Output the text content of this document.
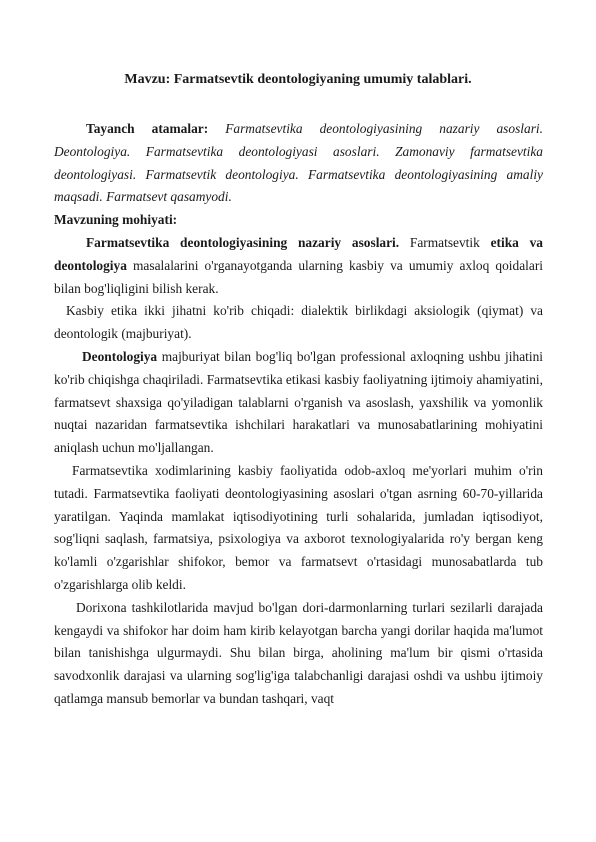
Mavzu: Farmatsevtik deontologiyaning umumiy talablari.

Tayanch atamalar: Farmatsevtika deontologiyasining nazariy asoslari. Deontologiya. Farmatsevtika deontologiyasi asoslari. Zamonaviy farmatsevtika deontologiyasi. Farmatsevtik deontologiya. Farmatsevtika deontologiyasining amaliy maqsadi. Farmatsevt qasamyodi.

Mavzuning mohiyati:

Farmatsevtika deontologiyasining nazariy asoslari. Farmatsevtik etika va deontologiya masalalarini o'rganayotganda ularning kasbiy va umumiy axloq qoidalari bilan bog'liqligini bilish kerak.

Kasbiy etika ikki jihatni ko'rib chiqadi: dialektik birlikdagi aksiologik (qiymat) va deontologik (majburiyat).

Deontologiya majburiyat bilan bog'liq bo'lgan professional axloqning ushbu jihatini ko'rib chiqishga chaqiriladi. Farmatsevtika etikasi kasbiy faoliyatning ijtimoiy ahamiyatini, farmatsevt shaxsiga qo'yiladigan talablarni o'rganish va asoslash, yaxshilik va yomonlik nuqtai nazaridan farmatsevtika ishchilari harakatlari va munosabatlarining mohiyatini aniqlash uchun mo'ljallangan.

Farmatsevtika xodimlarining kasbiy faoliyatida odob-axloq me'yorlari muhim o'rin tutadi. Farmatsevtika faoliyati deontologiyasining asoslari o'tgan asrning 60-70-yillarida yaratilgan. Yaqinda mamlakat iqtisodiyotining turli sohalarida, jumladan iqtisodiyot, sog'liqni saqlash, farmatsiya, psixologiya va axborot texnologiyalarida ro'y bergan keng ko'lamli o'zgarishlar shifokor, bemor va farmatsevt o'rtasidagi munosabatlarda tub o'zgarishlarga olib keldi.

Dorixona tashkilotlarida mavjud bo'lgan dori-darmonlarning turlari sezilarli darajada kengaydi va shifokor har doim ham kirib kelayotgan barcha yangi dorilar haqida ma'lumot bilan tanishishga ulgurmaydi. Shu bilan birga, aholining ma'lum bir qismi o'rtasida savodxonlik darajasi va ularning sog'lig'iga talabchanligi darajasi oshdi va ushbu ijtimoiy qatlamga mansub bemorlar va bundan tashqari, vaqt
